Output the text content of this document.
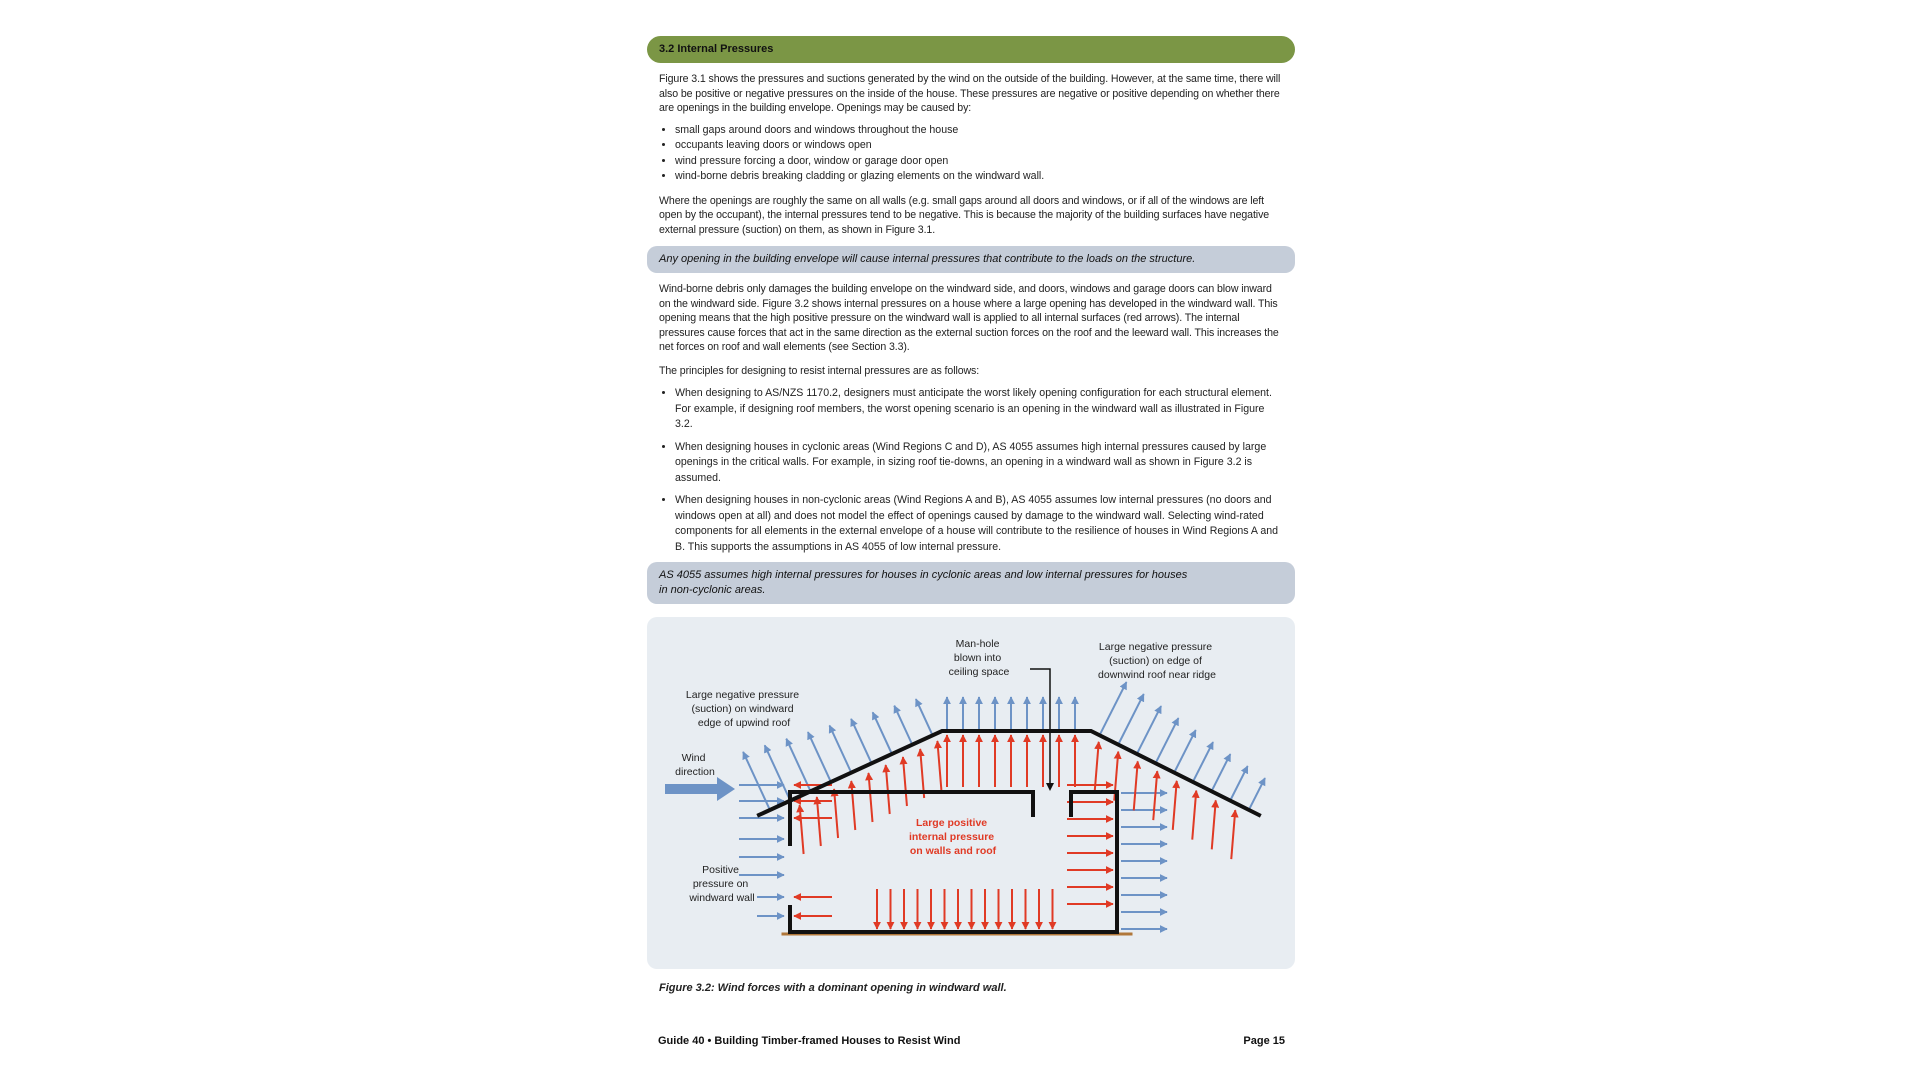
3.2 Internal Pressures

Figure 3.1 shows the pressures and suctions generated by the wind on the outside of the building. However, at the same time, there will also be positive or negative pressures on the inside of the house. These pressures are negative or positive depending on whether there are openings in the building envelope. Openings may be caused by:

• small gaps around doors and windows throughout the house
• occupants leaving doors or windows open
• wind pressure forcing a door, window or garage door open
• wind-borne debris breaking cladding or glazing elements on the windward wall.

Where the openings are roughly the same on all walls (e.g. small gaps around all doors and windows, or if all of the windows are left open by the occupant), the internal pressures tend to be negative. This is because the majority of the building surfaces have negative external pressure (suction) on them, as shown in Figure 3.1.

Any opening in the building envelope will cause internal pressures that contribute to the loads on the structure.

Wind-borne debris only damages the building envelope on the windward side, and doors, windows and garage doors can blow inward on the windward side. Figure 3.2 shows internal pressures on a house where a large opening has developed in the windward wall. This opening means that the high positive pressure on the windward wall is applied to all internal surfaces (red arrows). The internal pressures cause forces that act in the same direction as the external suction forces on the roof and the leeward wall. This increases the net forces on roof and wall elements (see Section 3.3).

The principles for designing to resist internal pressures are as follows:

• When designing to AS/NZS 1170.2, designers must anticipate the worst likely opening configuration for each structural element. For example, if designing roof members, the worst opening scenario is an opening in the windward wall as illustrated in Figure 3.2.
• When designing houses in cyclonic areas (Wind Regions C and D), AS 4055 assumes high internal pressures caused by large openings in the critical walls. For example, in sizing roof tie-downs, an opening in a windward wall as shown in Figure 3.2 is assumed.
• When designing houses in non-cyclonic areas (Wind Regions A and B), AS 4055 assumes low internal pressures (no doors and windows open at all) and does not model the effect of openings caused by damage to the windward wall. Selecting wind-rated components for all elements in the external envelope of a house will contribute to the resilience of houses in Wind Regions A and B. This supports the assumptions in AS 4055 of low internal pressure.
AS 4055 assumes high internal pressures for houses in cyclonic areas and low internal pressures for houses
in non-cyclonic areas.
Man-hole blown into ceiling space
Large negative pressure (suction) on edge of downwind roof near ridge
Large negative pressure (suction) on windward edge of upwind roof
Wind direction
Positive pressure on windward wall
Large positive internal pressure on walls and roof
Figure 3.2: Wind forces with a dominant opening in windward wall.
Guide 40 • Building Timber-framed Houses to Resist Wind	Page 15
